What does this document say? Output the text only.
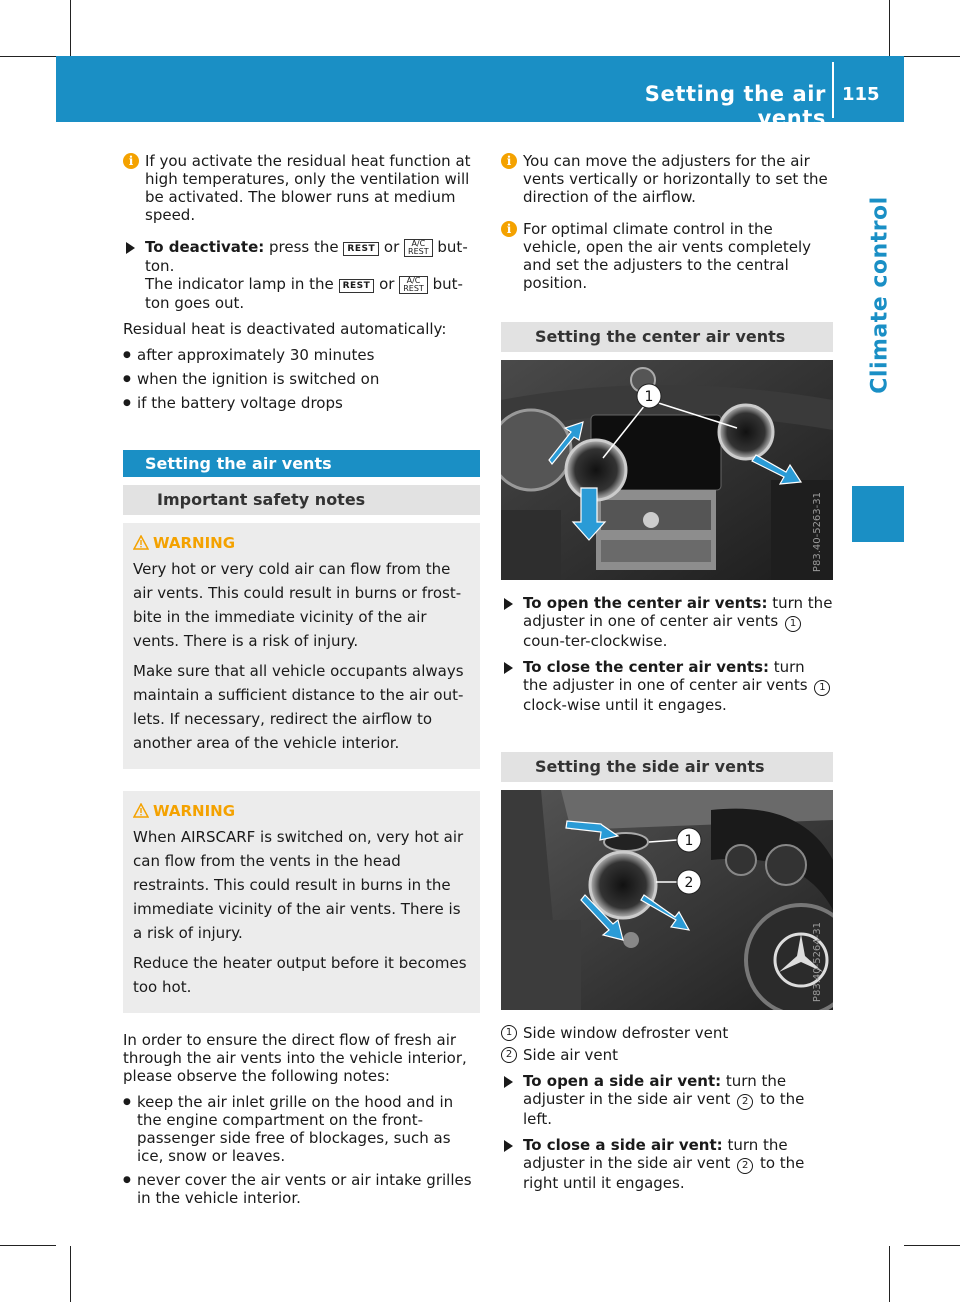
Setting the air vents
115
Climate control
i If you activate the residual heat function at high temperatures, only the ventilation will be activated. The blower runs at medium speed.

To deactivate: press the REST or	A/C
REST but-ton.
The indicator lamp in the REST or	A/C
REST but-ton goes out.

Residual heat is deactivated automatically:

● after approximately 30 minutes
● when the ignition is switched on
● if the battery voltage drops
Setting the air vents
Important safety notes
WARNING

Very hot or very cold air can flow from the air vents. This could result in burns or frost-bite in the immediate vicinity of the air vents. There is a risk of injury.

Make sure that all vehicle occupants always maintain a sufficient distance to the air out-lets. If necessary, redirect the airflow to another area of the vehicle interior.

WARNING

When AIRSCARF is switched on, very hot air can flow from the vents in the head restraints. This could result in burns in the immediate vicinity of the air vents. There is a risk of injury.

Reduce the heater output before it becomes too hot.

In order to ensure the direct flow of fresh air through the air vents into the vehicle interior, please observe the following notes:

● keep the air inlet grille on the hood and in the engine compartment on the front-passenger side free of blockages, such as ice, snow or leaves.
● never cover the air vents or air intake grilles in the vehicle interior.
i You can move the adjusters for the air vents vertically or horizontally to set the direction of the airflow.

i For optimal climate control in the vehicle, open the air vents completely and set the adjusters to the central position.

Setting the center air vents
1
P83.40-5263-31

To open the center air vents: turn the adjuster in one of center air vents 1 coun-ter-clockwise.

To close the center air vents: turn the adjuster in one of center air vents 1 clock-wise until it engages.

Setting the side air vents
1
2
P83.40-5264-31
1 Side window defroster vent
2 Side air vent

To open a side air vent: turn the adjuster in the side air vent 2 to the left.

To close a side air vent: turn the adjuster in the side air vent 2 to the right until it engages.
